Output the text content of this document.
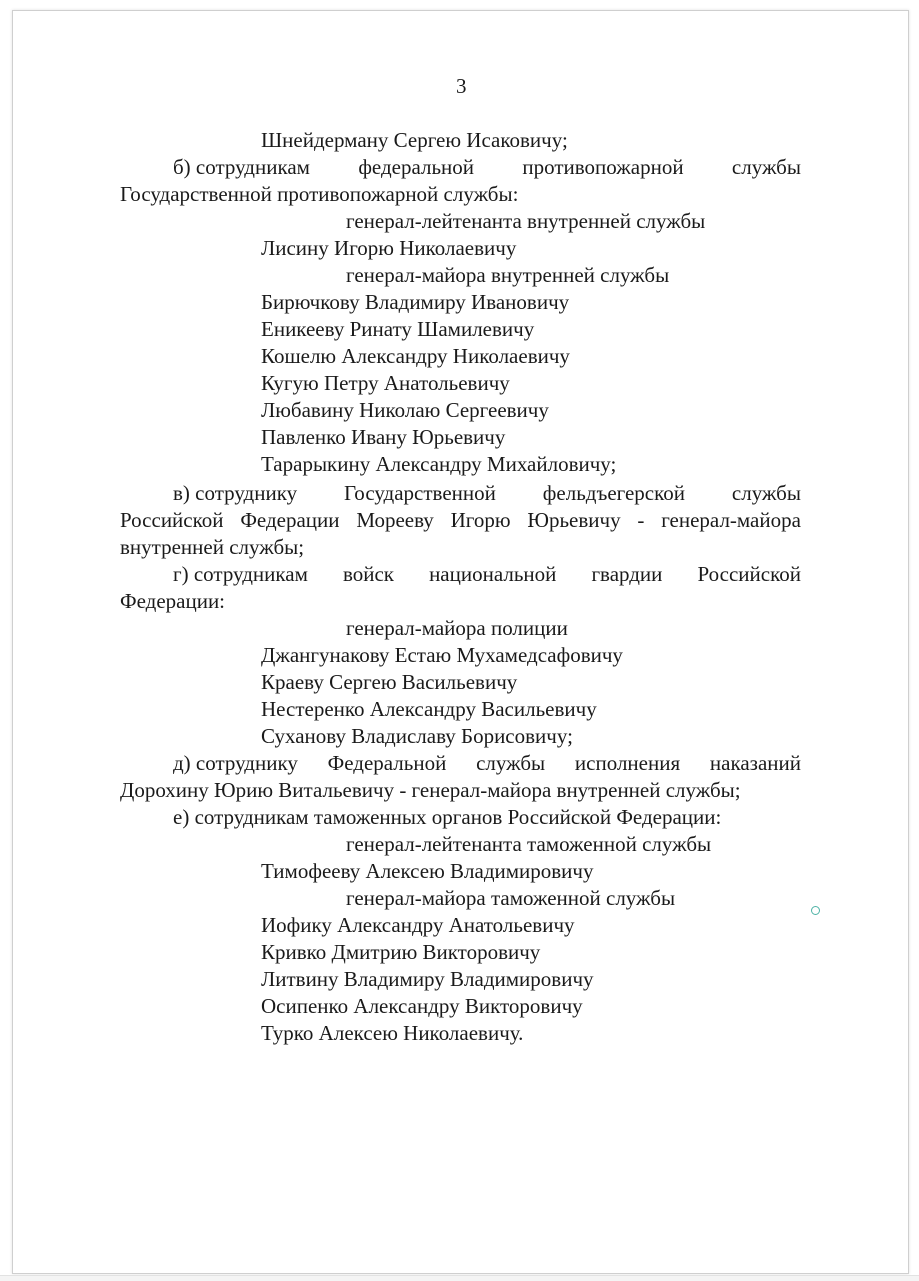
3
Шнейдерману Сергею Исаковичу;
б) сотрудникам федеральной противопожарной службы
Государственной противопожарной службы:
генерал-лейтенанта внутренней службы
Лисину Игорю Николаевичу
генерал-майора внутренней службы
Бирючкову Владимиру Ивановичу
Еникееву Ринату Шамилевичу
Кошелю Александру Николаевичу
Кугую Петру Анатольевичу
Любавину Николаю Сергеевичу
Павленко Ивану Юрьевичу
Тарарыкину Александру Михайловичу;
в) сотруднику Государственной фельдъегерской службы
Российской Федерации Морееву Игорю Юрьевичу - генерал-майора
внутренней службы;
г) сотрудникам войск национальной гвардии Российской
Федерации:
генерал-майора полиции
Джангунакову Естаю Мухамедсафовичу
Краеву Сергею Васильевичу
Нестеренко Александру Васильевичу
Суханову Владиславу Борисовичу;
д) сотруднику Федеральной службы исполнения наказаний
Дорохину Юрию Витальевичу - генерал-майора внутренней службы;
е) сотрудникам таможенных органов Российской Федерации:
генерал-лейтенанта таможенной службы
Тимофееву Алексею Владимировичу
генерал-майора таможенной службы
Иофику Александру Анатольевичу
Кривко Дмитрию Викторовичу
Литвину Владимиру Владимировичу
Осипенко Александру Викторовичу
Турко Алексею Николаевичу.
